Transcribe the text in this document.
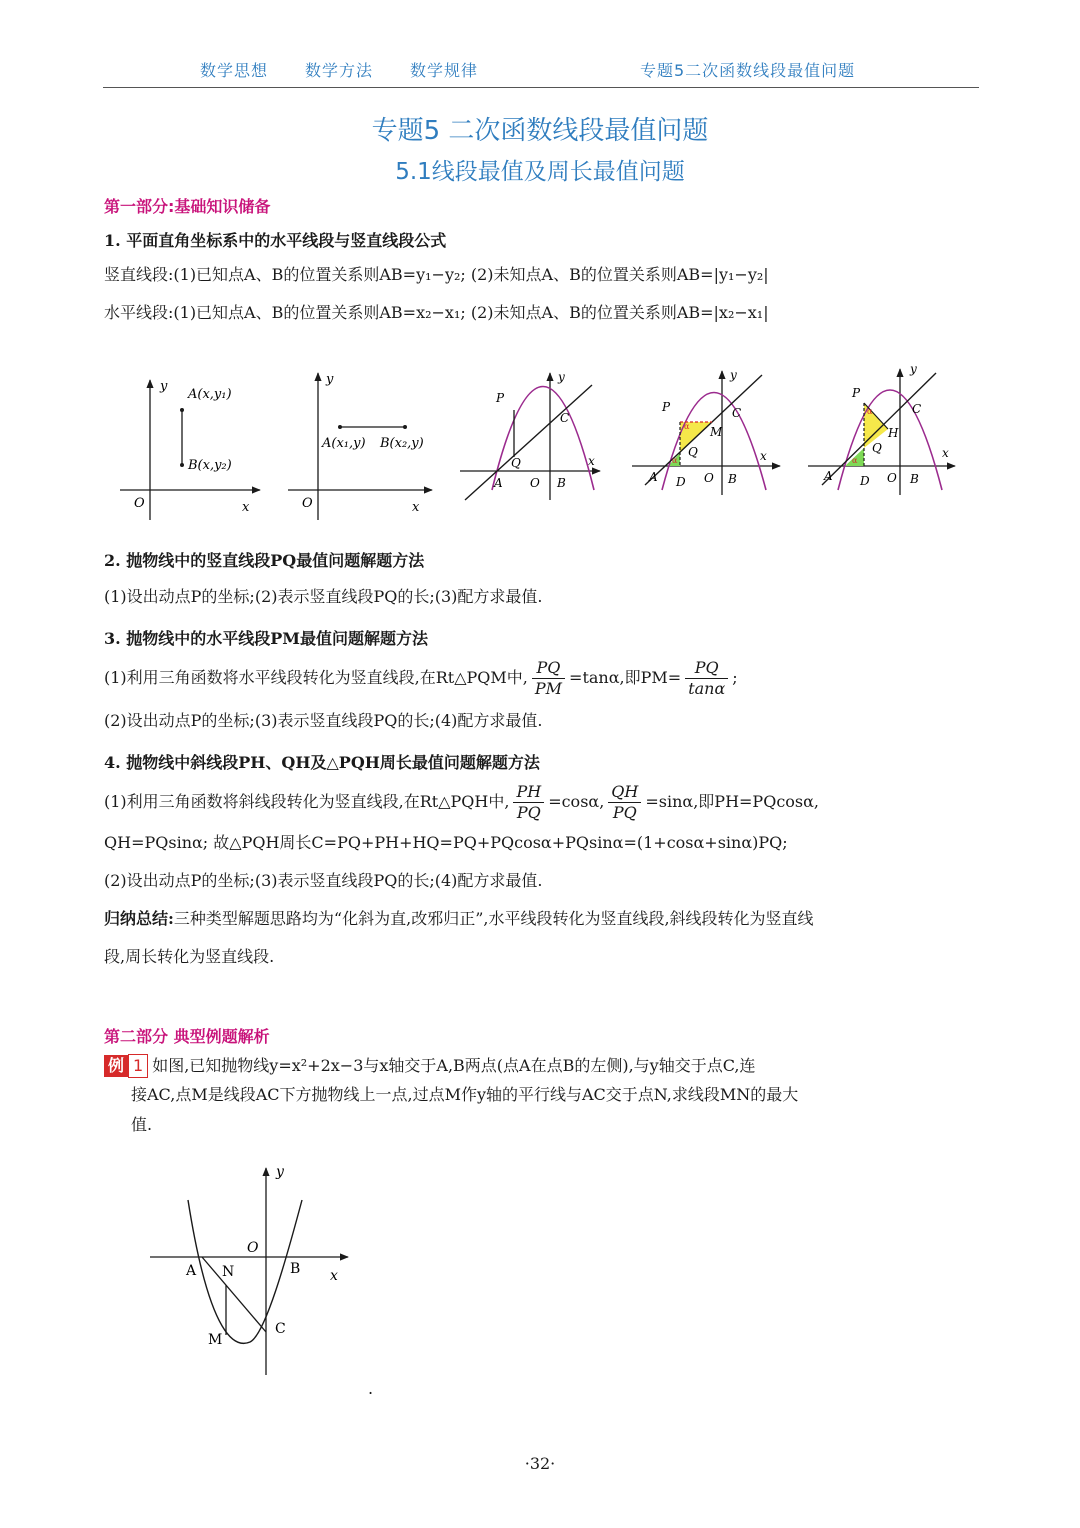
数学思想 数学方法 数学规律	专题5二次函数线段最值问题
专题5 二次函数线段最值问题
5.1线段最值及周长最值问题
第一部分:基础知识储备
1. 平面直角坐标系中的水平线段与竖直线段公式
竖直线段:(1)已知点A、B的位置关系则AB=y₁−y₂; (2)未知点A、B的位置关系则AB=|y₁−y₂|
水平线段:(1)已知点A、B的位置关系则AB=x₂−x₁; (2)未知点A、B的位置关系则AB=|x₂−x₁|
A(x,y₁)
B(x,y₂)
y
x
O
A(x₁,y) B(x₂,y)
y
x
O
P
C
Q
A O B
x
y
P	C
M
Q
A D O B
x
y
α
α
P
C
H
Q
A D O B
x
y
α
α
2. 抛物线中的竖直线段PQ最值问题解题方法
(1)设出动点P的坐标;(2)表示竖直线段PQ的长;(3)配方求最值.
3. 抛物线中的水平线段PM最值问题解题方法
(1)利用三角函数将水平线段转化为竖直线段,在Rt△PQM中, $\frac{PQ}{PM} =\tan\alpha$,即$PM= \frac{PQ}{\tan\alpha}$ ;
(2)设出动点P的坐标;(3)表示竖直线段PQ的长;(4)配方求最值.
4. 抛物线中斜线段PH、QH及△PQH周长最值问题解题方法
(1)利用三角函数将斜线段转化为竖直线段,在Rt△PQH中, $\frac{PH}{PQ} =\cos\alpha$, $\frac{QH}{PQ} =\sin\alpha$,即PH=PQcosα,
QH=PQsinα; 故△PQH周长C=PQ+PH+HQ=PQ+PQcosα+PQsinα=(1+cosα+sinα)PQ;
(2)设出动点P的坐标;(3)表示竖直线段PQ的长;(4)配方求最值.
归纳总结:三种类型解题思路均为“化斜为直,改邪归正”,水平线段转化为竖直线段,斜线段转化为竖直线
段,周长转化为竖直线段.
第二部分 典型例题解析
例 1 如图,已知抛物线y=x²+2x−3与x轴交于A,B两点(点A在点B的左侧),与y轴交于点C,连
接AC,点M是线段AC下方抛物线上一点,过点M作y轴的平行线与AC交于点N,求线段MN的最大
值.
y
x
O
A N	B
M
C
.
·32·
